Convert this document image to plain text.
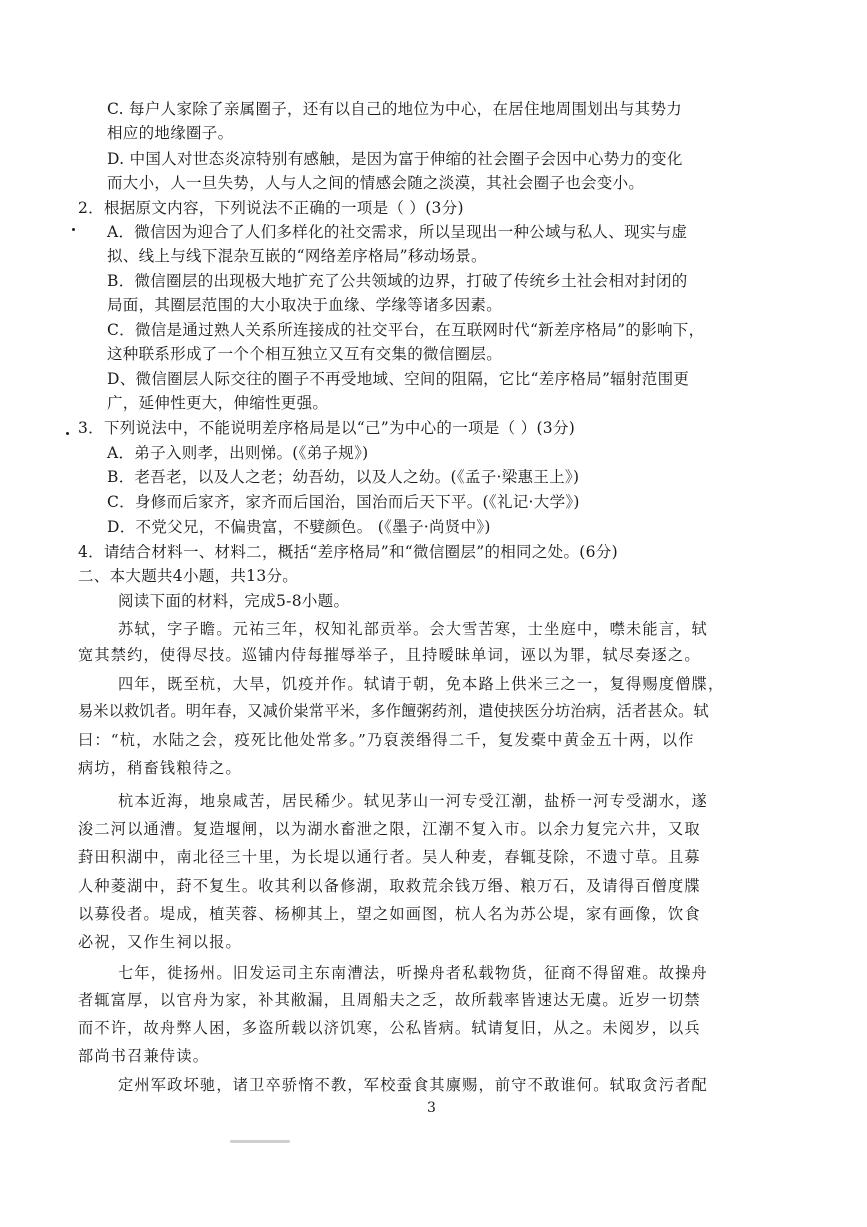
C. 每户人家除了亲属圈子，还有以自己的地位为中心，在居住地周围划出与其势力
相应的地缘圈子。
D. 中国人对世态炎凉特别有感触，是因为富于伸缩的社会圈子会因中心势力的变化
而大小，人一旦失势，人与人之间的情感会随之淡漠，其社会圈子也会变小。
2．根据原文内容，下列说法不正确的一项是（ ）(3分)
A．微信因为迎合了人们多样化的社交需求，所以呈现出一种公域与私人、现实与虚
拟、线上与线下混杂互嵌的“网络差序格局”移动场景。
B．微信圈层的出现极大地扩充了公共领域的边界，打破了传统乡土社会相对封闭的
局面，其圈层范围的大小取决于血缘、学缘等诸多因素。
C．微信是通过熟人关系所连接成的社交平台，在互联网时代“新差序格局”的影响下，
这种联系形成了一个个相互独立又互有交集的微信圈层。
D、微信圈层人际交往的圈子不再受地域、空间的阻隔，它比“差序格局”辐射范围更
广，延伸性更大，伸缩性更强。
3．下列说法中，不能说明差序格局是以“己”为中心的一项是（ ）(3分)
A．弟子入则孝，出则悌。(《弟子规》)
B．老吾老，以及人之老；幼吾幼，以及人之幼。(《孟子·梁惠王上》)
C．身修而后家齐，家齐而后国治，国治而后天下平。(《礼记·大学》)
D．不党父兄，不偏贵富，不嬖颜色。 (《墨子·尚贤中》)
4．请结合材料一、材料二，概括“差序格局”和“微信圈层”的相同之处。(6分)
二、本大题共4小题，共13分。
阅读下面的材料，完成5-8小题。
苏轼，字子瞻。元祐三年，权知礼部贡举。会大雪苦寒，士坐庭中，噤未能言，轼
宽其禁约，使得尽技。巡铺内侍每摧辱举子，且持暧昧单词，诬以为罪，轼尽奏逐之。
四年，既至杭，大旱，饥疫并作。轼请于朝，免本路上供米三之一，复得赐度僧牒，
易米以救饥者。明年春，又减价粜常平米，多作饘粥药剂，遣使挟医分坊治病，活者甚众。轼
曰：“杭，水陆之会，疫死比他处常多。”乃裒羡缗得二千，复发橐中黄金五十两，以作
病坊，稍畜钱粮待之。
杭本近海，地泉咸苦，居民稀少。轼见茅山一河专受江潮，盐桥一河专受湖水，遂
浚二河以通漕。复造堰闸，以为湖水畜泄之限，江潮不复入市。以余力复完六井，又取
葑田积湖中，南北径三十里，为长堤以通行者。吴人种麦，春辄芟除，不遗寸草。且募
人种菱湖中，葑不复生。收其利以备修湖，取救荒余钱万缗、粮万石，及请得百僧度牒
以募役者。堤成，植芙蓉、杨柳其上，望之如画图，杭人名为苏公堤，家有画像，饮食
必祝，又作生祠以报。
七年，徙扬州。旧发运司主东南漕法，听操舟者私载物货，征商不得留难。故操舟
者辄富厚，以官舟为家，补其敝漏，且周船夫之乏，故所载率皆速达无虞。近岁一切禁
而不许，故舟弊人困，多盗所载以济饥寒，公私皆病。轼请复旧，从之。未阅岁，以兵
部尚书召兼侍读。
定州军政坏驰，诸卫卒骄惰不教，军校蚕食其廪赐，前守不敢谁何。轼取贪污者配
3
